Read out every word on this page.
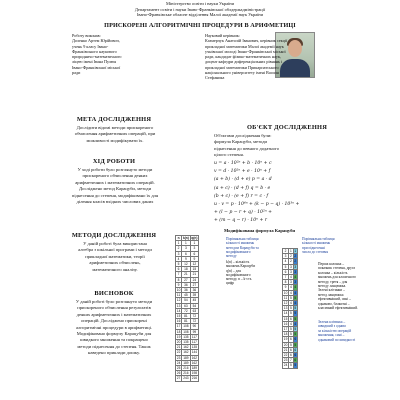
Міністерство освіти і науки України
Департамент освіти і науки Івано-Франківської облдержадміністрації
Івано-Франківське обласне відділення Малої академії наук України
ПРИСКОРЕНІ АЛГОРИТМІЧНІ ПРОЦЕДУРИ В АРИФМЕТИЦІ
Роботу виконав:
Доленко Артем Юрійович,
учень 9 класу Івано-
Франківського наукового
природничо-математичного
ліцею імені Івана Пулюя
Івано-Франківської міської
ради
Науковий керівник:
Казмерчук Анатолій Іванович, керівник секції
прикладної математики Малої академії наук
учнівської молоді Івано-Франківської міської
ради, кандидат фізико-математичних наук,
доцент кафедри диференціальних рівнянь і
прикладної математики Прикарпатського
національного університету імені Василя
Стефаника
МЕТА ДОСЛІДЖЕННЯ
Дослідити відомі методи прискореного
обчислення арифметичних операцій, при
можливості модифікувати їх.
ХІД РОБОТИ
У ході роботи було розглянуто методи
прискореного обчислення деяких
арифметичних і математичних операцій.
Досліджено метод Карацуби, методи
піднесення до степеня, модифіковано їх для
ділення класів вхідних числових даних
МЕТОДИ ДОСЛІДЖЕННЯ
У даній роботі була використана
алгебра з шкільної програми і методи
прикладної математики, теорії
арифметичних обчислень,
математичного аналізу.
ВИСНОВОК
У даній роботі було розглянуто методи
прискореного обчислення результатів
деяких арифметичних і математичних
операцій. Досліджено прискорені
алгоритмічні процедури в арифметиці.
Модифіковано формулу Карацуби для
швидкого множення та покращено
методи піднесення до степеня. Також
наведено приклади дошку.
ОБ'ЄКТ ДОСЛІДЖЕННЯ
Об'єктами дослідження були:
формула Карацуби, методи
піднесення до певного додатного
цілого степеня.
u = a · 10²ⁿ + b · 10ⁿ + c
v = d · 10²ⁿ + e · 10ⁿ + f
(a + b) · (d + e) p = a · d
(a + c) · (d + f) q = b · e
(b + c) · (e + f) r = c · f
u · v = p · 10⁴ⁿ + (k − p − q) · 10³ⁿ +
+ (l − p − r + q) · 10²ⁿ +
+ (m − q − r) · 10ⁿ + r
Модифікована формула Карацуби
n	k(n)	q(n)
1	1	1
2	3	3
3	6	6
4	9	9
5	12	12
6	18	15
7	21	21
8	27	24
9	36	27
10	36	36
11	45	39
12	54	45
13	63	54
14	72	63
15	81	72
16	81	72
17	108	90
18	108	99
19	135	117
20	135	117
21	162	135
22	162	144
23	189	162
24	189	162
25	216	189
26	216	198
27	243	216
Порівняльна таблиця
кількості множень
методом Карацуби та
модифікованого
методу
k(n) – кількість
множень Карацуби
q(n) – для
модифікованого
методу, n – k-сть
цифр
2	1	1
3	2	2
4	2	2
5	3	3
6	3	3
7	4	4
8	3	3
9	4	4
10	4	4
11	5	5
12	4	4
13	5	5
14	5	5
15	6	5
16	4	4
17	5	5
18	5	5
19	6	6
20	5	5
21	6	6
22	6	6
23	7	6
24	5	5
Порівняльна таблиця
кількості множень
при піднесенні
числа до степеня
Перша колонка –
показник степеня, друга
колонка – кількість
множень для класичного
методу, третя – для
методу ланцюжка.
Зелені клітинки –
метод ланцюжка
ефективніший, сині –
однаково, блакитні –
класичний ефективніший.
Зелена клітинка –
швидший з одним
за кількістю операцій
множення, сині –
однаковий по швидкості
